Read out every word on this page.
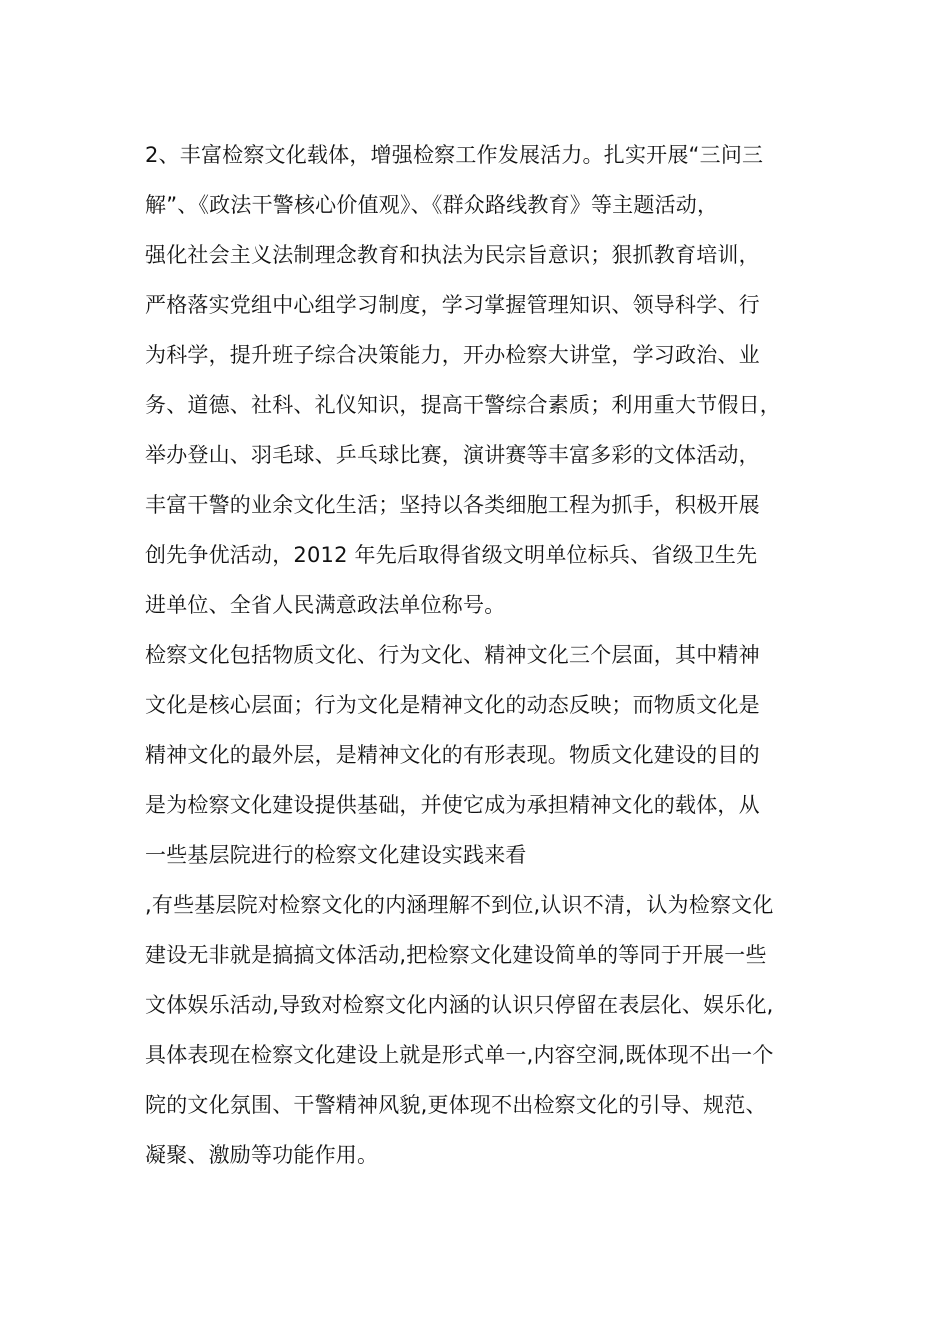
2、丰富检察文化载体，增强检察工作发展活力。扎实开展“三问三
解”、《政法干警核心价值观》、《群众路线教育》等主题活动，
强化社会主义法制理念教育和执法为民宗旨意识；狠抓教育培训，
严格落实党组中心组学习制度，学习掌握管理知识、领导科学、行
为科学，提升班子综合决策能力，开办检察大讲堂，学习政治、业
务、道德、社科、礼仪知识，提高干警综合素质；利用重大节假日，
举办登山、羽毛球、乒乓球比赛，演讲赛等丰富多彩的文体活动，
丰富干警的业余文化生活；坚持以各类细胞工程为抓手，积极开展
创先争优活动，2012 年先后取得省级文明单位标兵、省级卫生先
进单位、全省人民满意政法单位称号。
检察文化包括物质文化、行为文化、精神文化三个层面，其中精神
文化是核心层面；行为文化是精神文化的动态反映；而物质文化是
精神文化的最外层，是精神文化的有形表现。物质文化建设的目的
是为检察文化建设提供基础，并使它成为承担精神文化的载体，从
一些基层院进行的检察文化建设实践来看
,有些基层院对检察文化的内涵理解不到位,认识不清，认为检察文化
建设无非就是搞搞文体活动,把检察文化建设简单的等同于开展一些
文体娱乐活动,导致对检察文化内涵的认识只停留在表层化、娱乐化,
具体表现在检察文化建设上就是形式单一,内容空洞,既体现不出一个
院的文化氛围、干警精神风貌,更体现不出检察文化的引导、规范、
凝聚、激励等功能作用。
